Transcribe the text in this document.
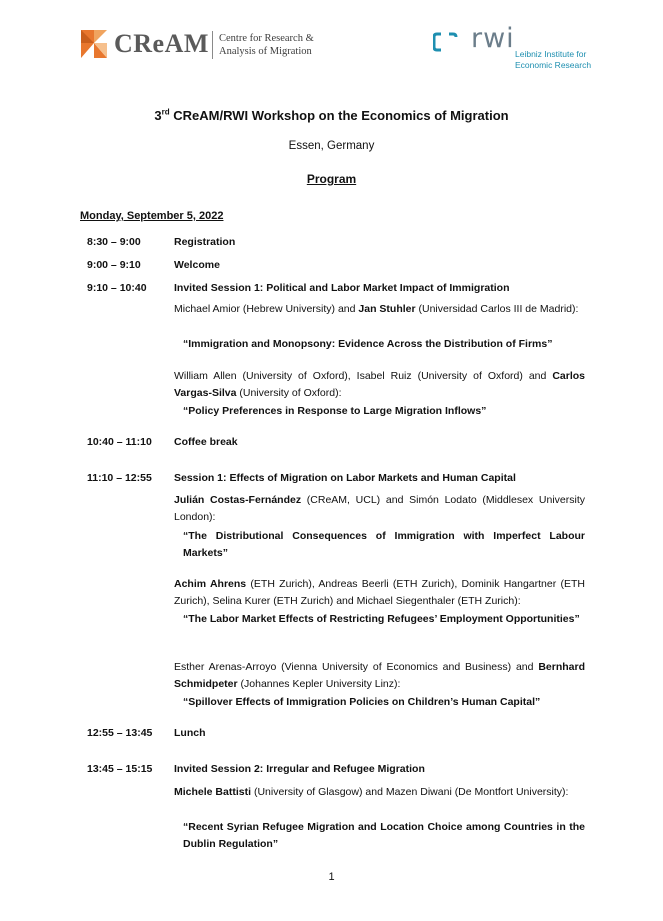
CReAM Centre for Research &
Analysis of Migration	rwi Leibniz Institute for
Economic Research
3rd CReAM/RWI Workshop on the Economics of Migration
Essen, Germany
Program
Monday, September 5, 2022
8:30 – 9:00	Registration
9:00 – 9:10	Welcome
9:10 – 10:40	Invited Session 1: Political and Labor Market Impact of Immigration
Michael Amior (Hebrew University) and Jan Stuhler (Universidad Carlos III de Madrid):
“Immigration and Monopsony: Evidence Across the Distribution of Firms”
William Allen (University of Oxford), Isabel Ruiz (University of Oxford) and Carlos Vargas-Silva (University of Oxford):
“Policy Preferences in Response to Large Migration Inflows”
10:40 – 11:10 Coffee break
11:10 – 12:55 Session 1: Effects of Migration on Labor Markets and Human Capital
Julián Costas-Fernández (CReAM, UCL) and Simón Lodato (Middlesex University London):
“The Distributional Consequences of Immigration with Imperfect Labour Markets”
Achim Ahrens (ETH Zurich), Andreas Beerli (ETH Zurich), Dominik Hangartner (ETH Zurich), Selina Kurer (ETH Zurich) and Michael Siegenthaler (ETH Zurich):
“The Labor Market Effects of Restricting Refugees’ Employment Opportunities”
Esther Arenas-Arroyo (Vienna University of Economics and Business) and Bernhard Schmidpeter (Johannes Kepler University Linz):
“Spillover Effects of Immigration Policies on Children’s Human Capital”
12:55 – 13:45 Lunch
13:45 – 15:15 Invited Session 2: Irregular and Refugee Migration
Michele Battisti (University of Glasgow) and Mazen Diwani (De Montfort University):
“Recent Syrian Refugee Migration and Location Choice among Countries in the Dublin Regulation”
1
